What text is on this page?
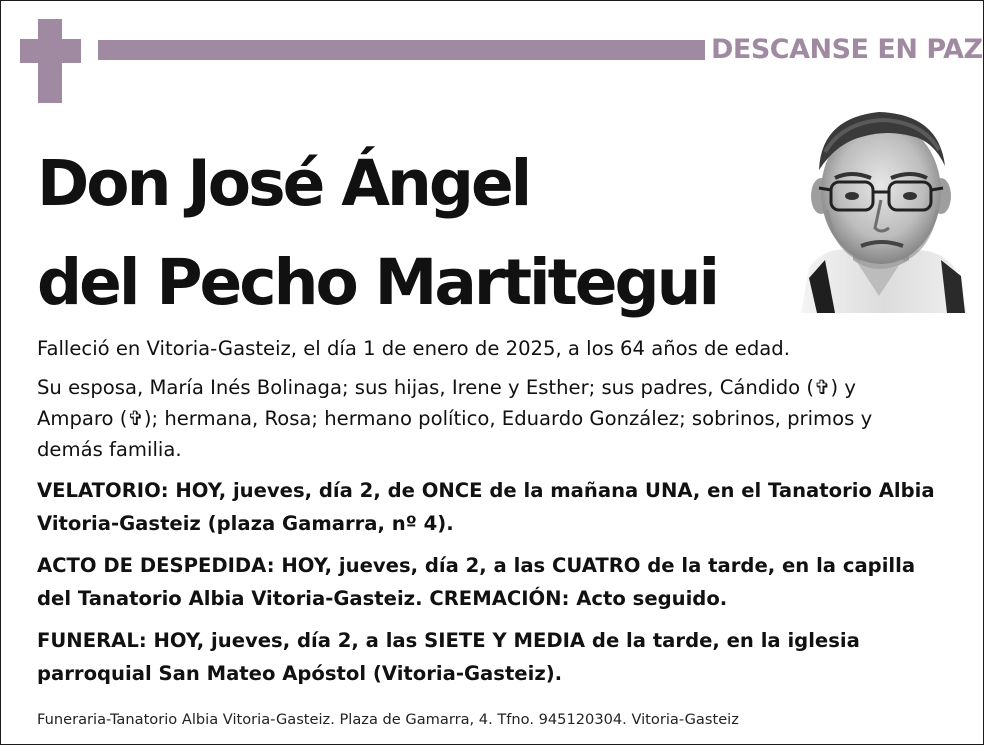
DESCANSE EN PAZ
Don José Ángel
del Pecho Martitegui

Falleció en Vitoria-Gasteiz, el día 1 de enero de 2025, a los 64 años de edad.

Su esposa, María Inés Bolinaga; sus hijas, Irene y Esther; sus padres, Cándido (✞) y Amparo (✞); hermana, Rosa; hermano político, Eduardo González; sobrinos, primos y demás familia.

VELATORIO: HOY, jueves, día 2, de ONCE de la mañana UNA, en el Tanatorio Albia Vitoria-Gasteiz (plaza Gamarra, nº 4).

ACTO DE DESPEDIDA: HOY, jueves, día 2, a las CUATRO de la tarde, en la capilla del Tanatorio Albia Vitoria-Gasteiz. CREMACIÓN: Acto seguido.

FUNERAL: HOY, jueves, día 2, a las SIETE Y MEDIA de la tarde, en la iglesia parroquial San Mateo Apóstol (Vitoria-Gasteiz).

Funeraria-Tanatorio Albia Vitoria-Gasteiz. Plaza de Gamarra, 4. Tfno. 945120304. Vitoria-Gasteiz
